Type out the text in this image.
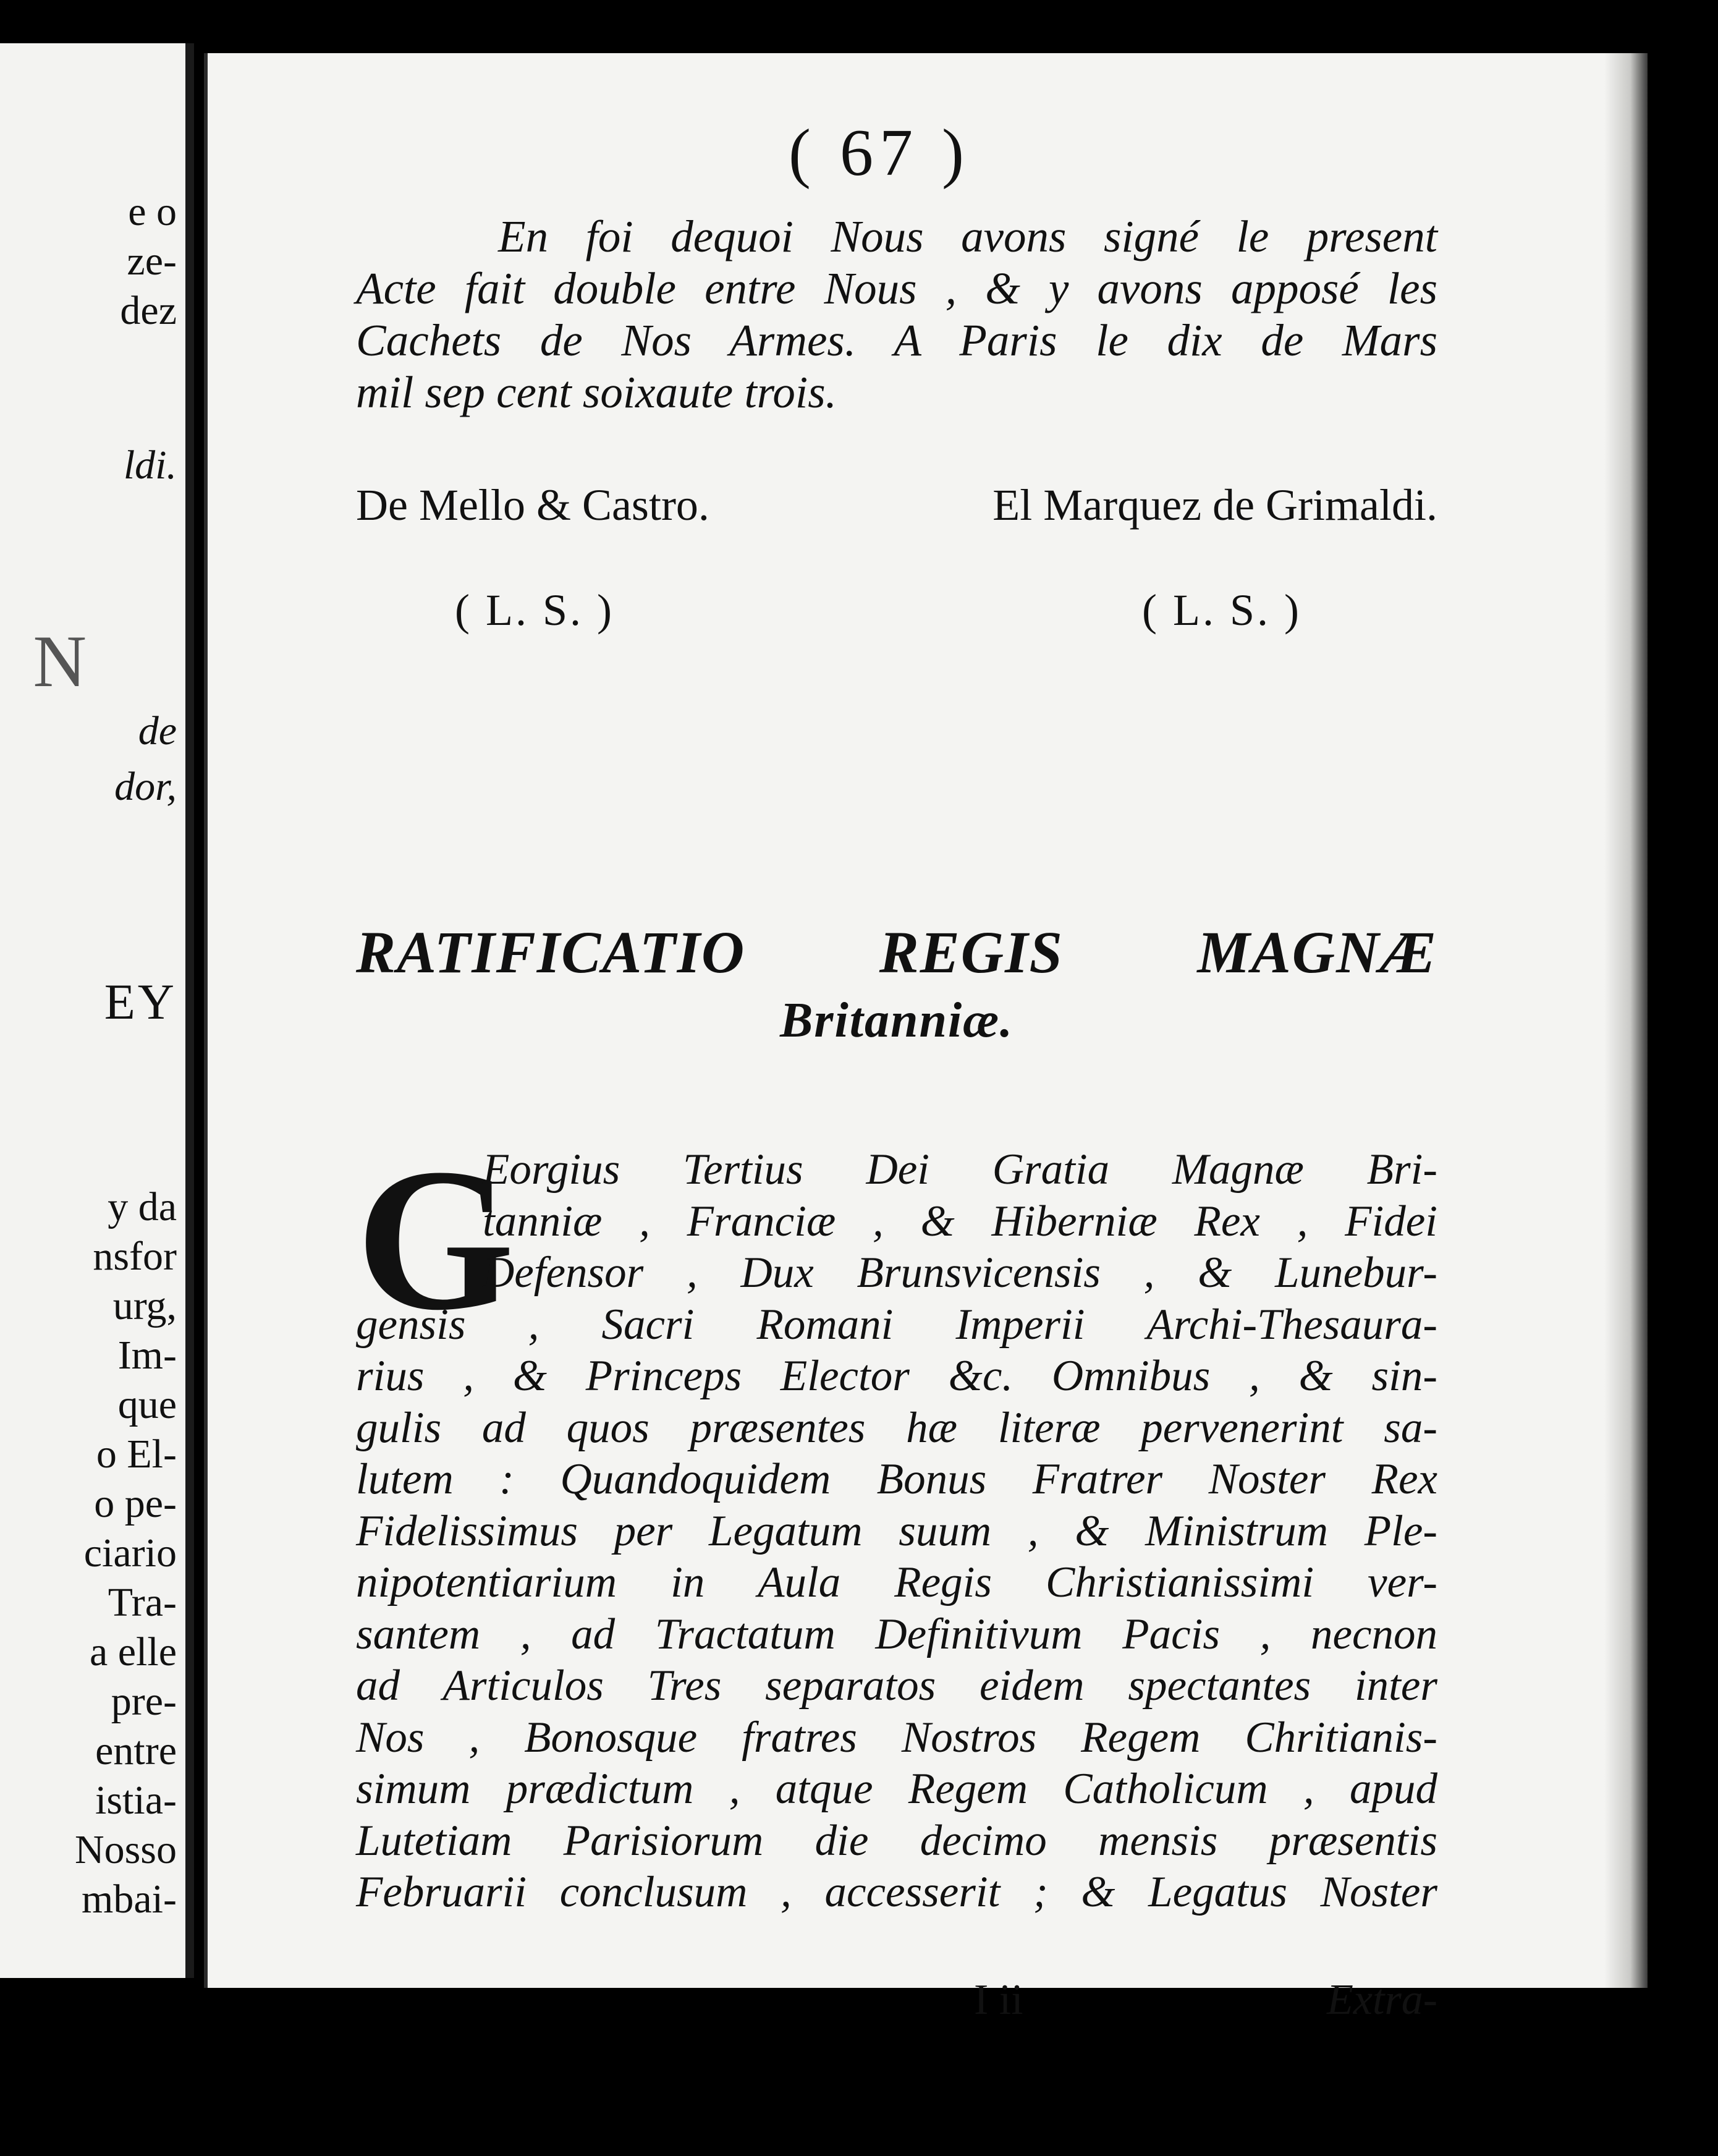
e o
ze-
dez
ldi.
N
de
dor,
EY
y da
nsfor
urg,
Im-
que
o El-
o pe-
ciario
Tra-
a elle
pre-
entre
istia-
Nosso
mbai-
( 67 )
En foi dequoi Nous avons signé le present
Acte fait double entre Nous , & y avons apposé les
Cachets de Nos Armes. A Paris le dix de Mars
mil sep cent soixaute trois.
De Mello & Castro.	El Marquez de Grimaldi.
( L. S. )	( L. S. )
RATIFICATIO REGIS MAGNÆ
Britanniæ.
G
Eorgius Tertius Dei Gratia Magnæ Bri-
tanniæ , Franciæ , & Hiberniæ Rex , Fidei
Defensor , Dux Brunsvicensis , & Lunebur-
gensis , Sacri Romani Imperii Archi-Thesaura-
rius , & Princeps Elector &c. Omnibus , & sin-
gulis ad quos præsentes hæ literæ pervenerint sa-
lutem : Quandoquidem Bonus Fratrer Noster Rex
Fidelissimus per Legatum suum , & Ministrum Ple-
nipotentiarium in Aula Regis Christianissimi ver-
santem , ad Tractatum Definitivum Pacis , necnon
ad Articulos Tres separatos eidem spectantes inter
Nos , Bonosque fratres Nostros Regem Chritianis-
simum prædictum , atque Regem Catholicum , apud
Lutetiam Parisiorum die decimo mensis præsentis
Februarii conclusum , accesserit ; & Legatus Noster
I ii	Extra-
